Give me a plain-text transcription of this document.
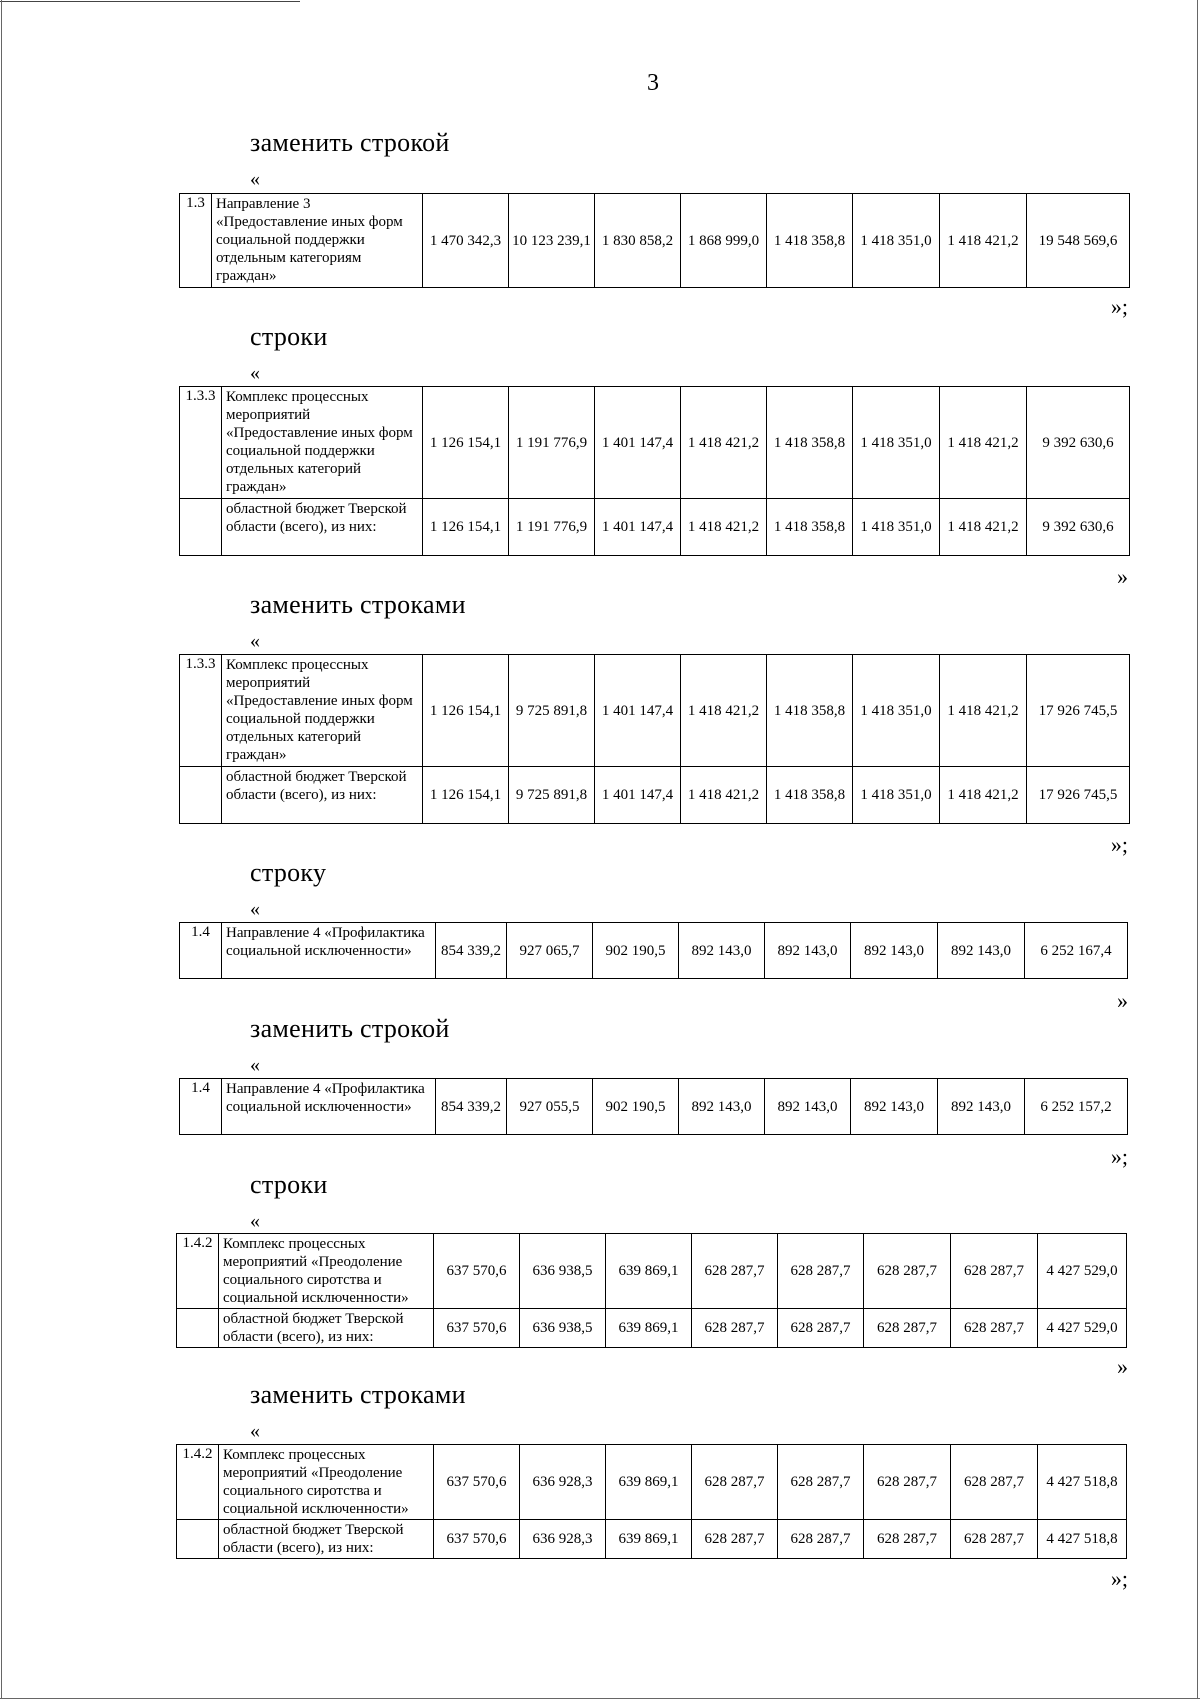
3
заменить строкой
«
1.3	Направление 3 «Предоставление иных форм социальной поддержки отдельным категориям граждан»	1 470 342,3	10 123 239,1	1 830 858,2	1 868 999,0	1 418 358,8	1 418 351,0	1 418 421,2	19 548 569,6
»;
строки
«
1.3.3	Комплекс процессных мероприятий «Предоставление иных форм социальной поддержки отдельных категорий граждан»	1 126 154,1	1 191 776,9	1 401 147,4	1 418 421,2	1 418 358,8	1 418 351,0	1 418 421,2	9 392 630,6
	областной бюджет Тверской области (всего), из них:	1 126 154,1	1 191 776,9	1 401 147,4	1 418 421,2	1 418 358,8	1 418 351,0	1 418 421,2	9 392 630,6
»
заменить строками
«
1.3.3	Комплекс процессных мероприятий «Предоставление иных форм социальной поддержки отдельных категорий граждан»	1 126 154,1	9 725 891,8	1 401 147,4	1 418 421,2	1 418 358,8	1 418 351,0	1 418 421,2	17 926 745,5
	областной бюджет Тверской области (всего), из них:	1 126 154,1	9 725 891,8	1 401 147,4	1 418 421,2	1 418 358,8	1 418 351,0	1 418 421,2	17 926 745,5
»;
строку
«
1.4	Направление 4 «Профилактика социальной исключенности»	854 339,2	927 065,7	902 190,5	892 143,0	892 143,0	892 143,0	892 143,0	6 252 167,4
»
заменить строкой
«
1.4	Направление 4 «Профилактика социальной исключенности»	854 339,2	927 055,5	902 190,5	892 143,0	892 143,0	892 143,0	892 143,0	6 252 157,2
»;
строки
«
1.4.2	Комплекс процессных мероприятий «Преодоление социального сиротства и социальной исключенности»	637 570,6	636 938,5	639 869,1	628 287,7	628 287,7	628 287,7	628 287,7	4 427 529,0
	областной бюджет Тверской области (всего), из них:	637 570,6	636 938,5	639 869,1	628 287,7	628 287,7	628 287,7	628 287,7	4 427 529,0
»
заменить строками
«
1.4.2	Комплекс процессных мероприятий «Преодоление социального сиротства и социальной исключенности»	637 570,6	636 928,3	639 869,1	628 287,7	628 287,7	628 287,7	628 287,7	4 427 518,8
	областной бюджет Тверской области (всего), из них:	637 570,6	636 928,3	639 869,1	628 287,7	628 287,7	628 287,7	628 287,7	4 427 518,8
»;
